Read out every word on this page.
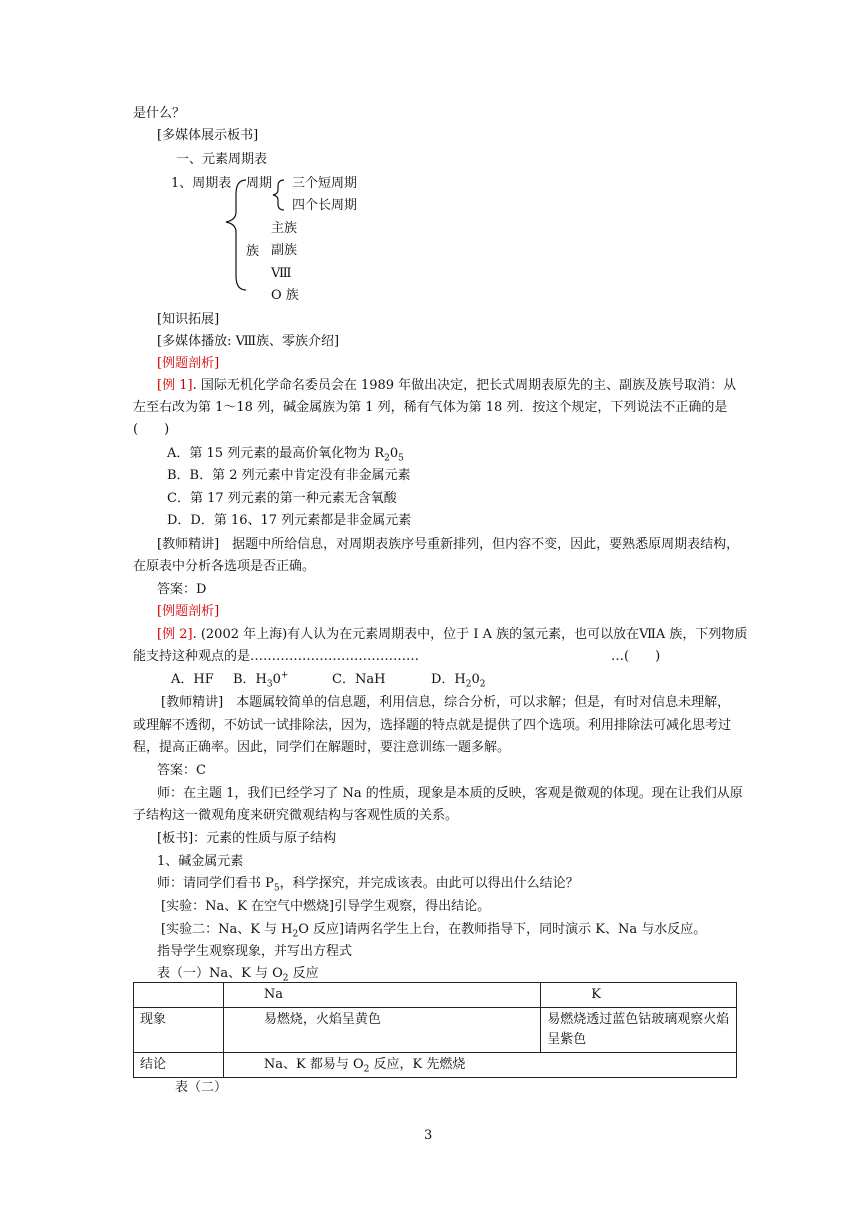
是什么？
[多媒体展示板书]
一、元素周期表
1、周期表 周期 三个短周期
四个长周期
族
主族
副族
Ⅷ
O 族
[知识拓展]
[多媒体播放: Ⅷ族、零族介绍]
[例题剖析]
[例 1]. 国际无机化学命名委员会在 1989 年做出决定，把长式周期表原先的主、副族及族号取消：从
左至右改为第 1～18 列，碱金属族为第 1 列，稀有气体为第 18 列．按这个规定，下列说法不正确的是
(　　)
A．第 15 列元素的最高价氧化物为 $R_20_5$
B．B．第 2 列元素中肯定没有非金属元素
C．第 17 列元素的第一种元素无含氧酸
D．D．第 16、17 列元素都是非金属元素
[教师精讲]　据题中所给信息，对周期表族序号重新排列，但内容不变，因此，要熟悉原周期表结构，
在原表中分析各选项是否正确。
答案：D
[例题剖析]
[例 2]. (2002 年上海)有人认为在元素周期表中，位于 I A 族的氢元素，也可以放在ⅦA 族，下列物质
能支持这种观点的是…………………………………	…(　　)
A．HF B．$H_30^+$	C．NaH	D．$H_20_2$
[教师精讲]　本题属较简单的信息题，利用信息，综合分析，可以求解；但是，有时对信息未理解，
或理解不透彻，不妨试一试排除法，因为，选择题的特点就是提供了四个选项。利用排除法可减化思考过
程，提高正确率。因此，同学们在解题时，要注意训练一题多解。
答案：C
师：在主题 1，我们已经学习了 Na 的性质，现象是本质的反映，客观是微观的体现。现在让我们从原
子结构这一微观角度来研究微观结构与客观性质的关系。
[板书]：元素的性质与原子结构
1、碱金属元素
师：请同学们看书 $P_5$，科学探究，并完成该表。由此可以得出什么结论？
[实验：Na、K 在空气中燃烧]引导学生观察，得出结论。
[实验二：Na、K 与 $H_2O$ 反应]请两名学生上台，在教师指导下，同时演示 K、Na 与水反应。
指导学生观察现象，并写出方程式
表（一）Na、K 与 $O_2$ 反应
	Na	K
现象	易燃烧，火焰呈黄色	易燃烧透过蓝色钴玻璃观察火焰呈紫色
结论	Na、K 都易与 $O_2$ 反应，K 先燃烧	
表（二）
3
